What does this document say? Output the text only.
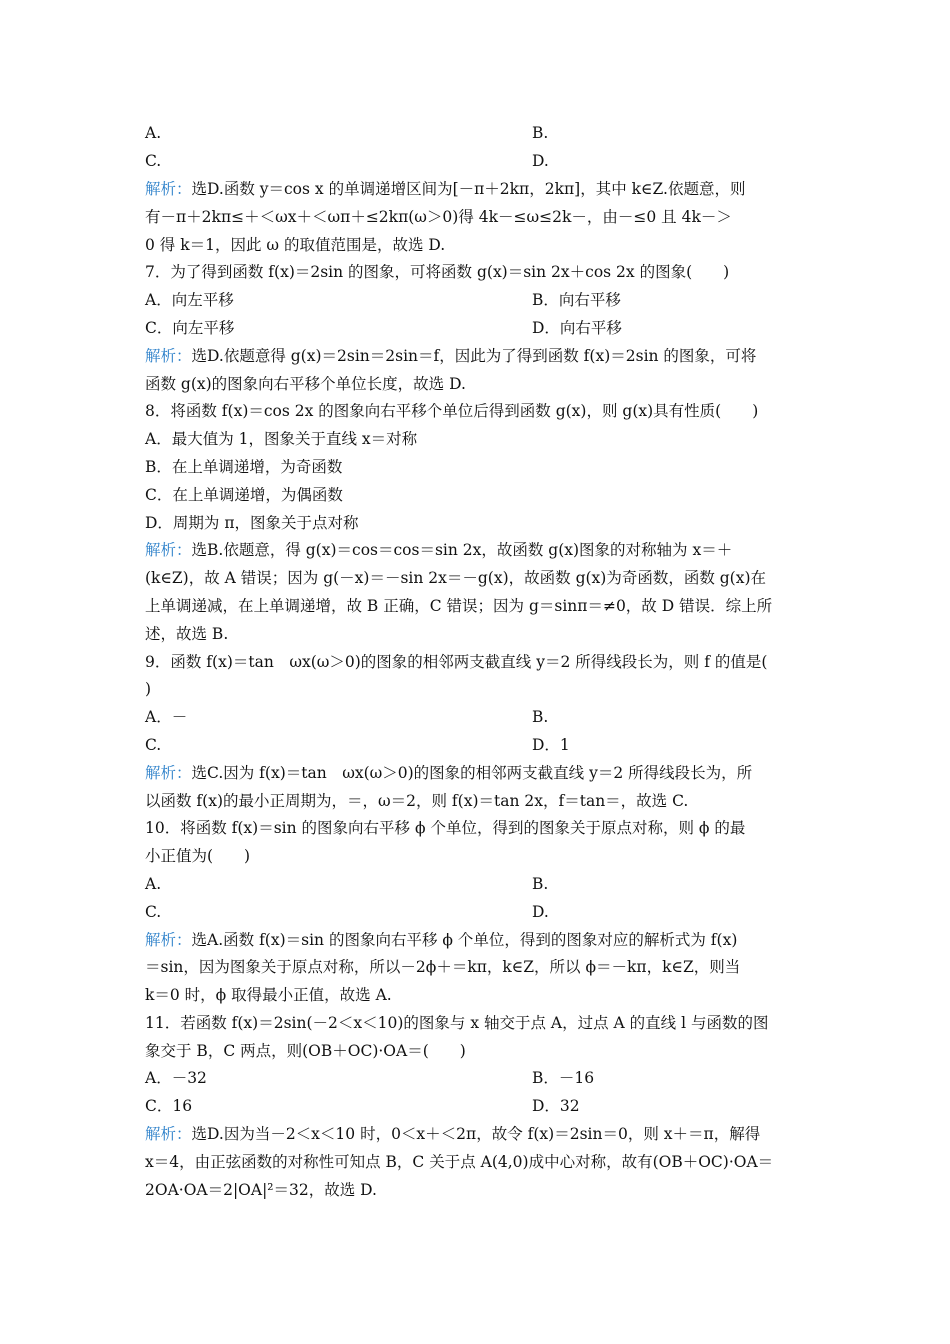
A.	B.
C.	D.
解析：选D.函数 y＝cos x 的单调递增区间为[－π＋2kπ，2kπ]，其中 k∈Z.依题意，则
有－π＋2kπ≤＋＜ωx＋＜ωπ＋≤2kπ(ω＞0)得 4k－≤ω≤2k－，由－≤0 且 4k－＞
0 得 k＝1，因此 ω 的取值范围是，故选 D.
7．为了得到函数 f(x)＝2sin 的图象，可将函数 g(x)＝sin 2x＋cos 2x 的图象(　　)
A．向左平移	B．向右平移
C．向左平移	D．向右平移
解析：选D.依题意得 g(x)＝2sin＝2sin＝f，因此为了得到函数 f(x)＝2sin 的图象，可将
函数 g(x)的图象向右平移个单位长度，故选 D.
8．将函数 f(x)＝cos 2x 的图象向右平移个单位后得到函数 g(x)，则 g(x)具有性质(　　)
A．最大值为 1，图象关于直线 x＝对称
B．在上单调递增，为奇函数
C．在上单调递增，为偶函数
D．周期为 π，图象关于点对称
解析：选B.依题意，得 g(x)＝cos＝cos＝sin 2x，故函数 g(x)图象的对称轴为 x＝＋
(k∈Z)，故 A 错误；因为 g(－x)＝－sin 2x＝－g(x)，故函数 g(x)为奇函数，函数 g(x)在
上单调递减，在上单调递增，故 B 正确，C 错误；因为 g＝sinπ＝≠0，故 D 错误．综上所
述，故选 B.
9．函数 f(x)＝tan　ωx(ω＞0)的图象的相邻两支截直线 y＝2 所得线段长为，则 f 的值是(
)
A．－	B.
C.	D．1
解析：选C.因为 f(x)＝tan　ωx(ω＞0)的图象的相邻两支截直线 y＝2 所得线段长为，所
以函数 f(x)的最小正周期为，＝，ω＝2，则 f(x)＝tan 2x，f＝tan＝，故选 C.
10．将函数 f(x)＝sin 的图象向右平移 ϕ 个单位，得到的图象关于原点对称，则 ϕ 的最
小正值为(　　)
A.	B.
C.	D.
解析：选A.函数 f(x)＝sin 的图象向右平移 ϕ 个单位，得到的图象对应的解析式为 f(x)
＝sin，因为图象关于原点对称，所以－2ϕ＋＝kπ，k∈Z，所以 ϕ＝－kπ，k∈Z，则当
k＝0 时，ϕ 取得最小正值，故选 A.
11．若函数 f(x)＝2sin(－2＜x＜10)的图象与 x 轴交于点 A，过点 A 的直线 l 与函数的图
象交于 B，C 两点，则(OB＋OC)·OA＝(　　)
A．－32	B．－16
C．16	D．32
解析：选D.因为当－2＜x＜10 时，0＜x＋＜2π，故令 f(x)＝2sin＝0，则 x＋＝π，解得
x＝4，由正弦函数的对称性可知点 B，C 关于点 A(4,0)成中心对称，故有(OB＋OC)·OA＝
2OA·OA＝2|OA|²＝32，故选 D.
